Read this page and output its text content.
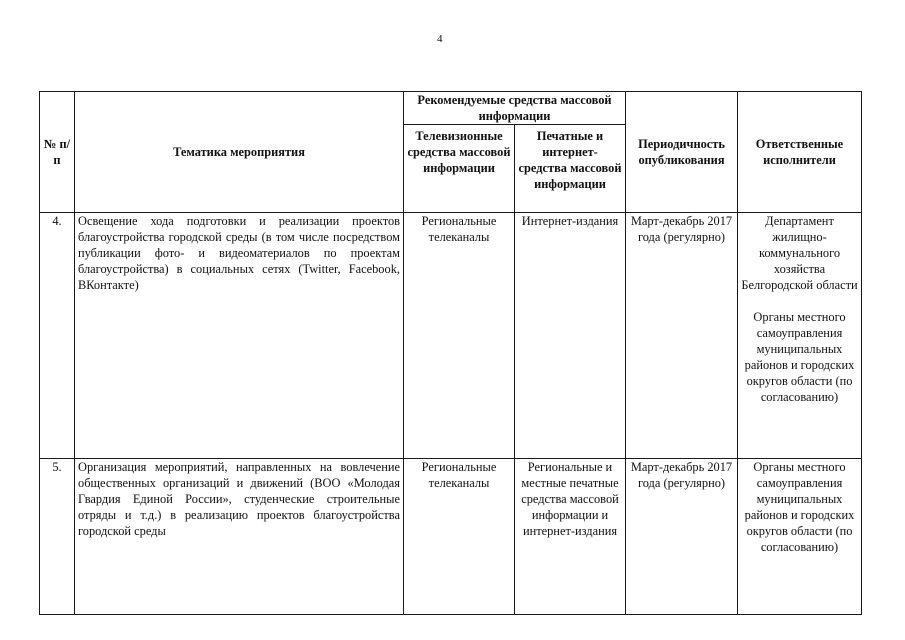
4
№ п/п	Тематика мероприятия	Рекомендуемые средства массовой информации		Периодичность опубликования	Ответственные исполнители
		Телевизионные средства массовой информации	Печатные и интернет-средства массовой информации		
4.	Освещение хода подготовки и реализации проектов благоустройства городской среды (в том числе посредством публикации фото- и видеоматериалов по проектам благоустройства) в социальных сетях (Twitter, Facebook, ВКонтакте)	Региональные телеканалы	Интернет-издания	Март-декабрь 2017 года (регулярно)	Департамент жилищно-коммунального хозяйства Белгородской области
Органы местного самоуправления муниципальных районов и городских округов области (по согласованию)
5.	Организация мероприятий, направленных на вовлечение общественных организаций и движений (ВОО «Молодая Гвардия Единой России», студенческие строительные отряды и т.д.) в реализацию проектов благоустройства городской среды	Региональные телеканалы	Региональные и местные печатные средства массовой информации и интернет-издания	Март-декабрь 2017 года (регулярно)	Органы местного самоуправления муниципальных районов и городских округов области (по согласованию)
